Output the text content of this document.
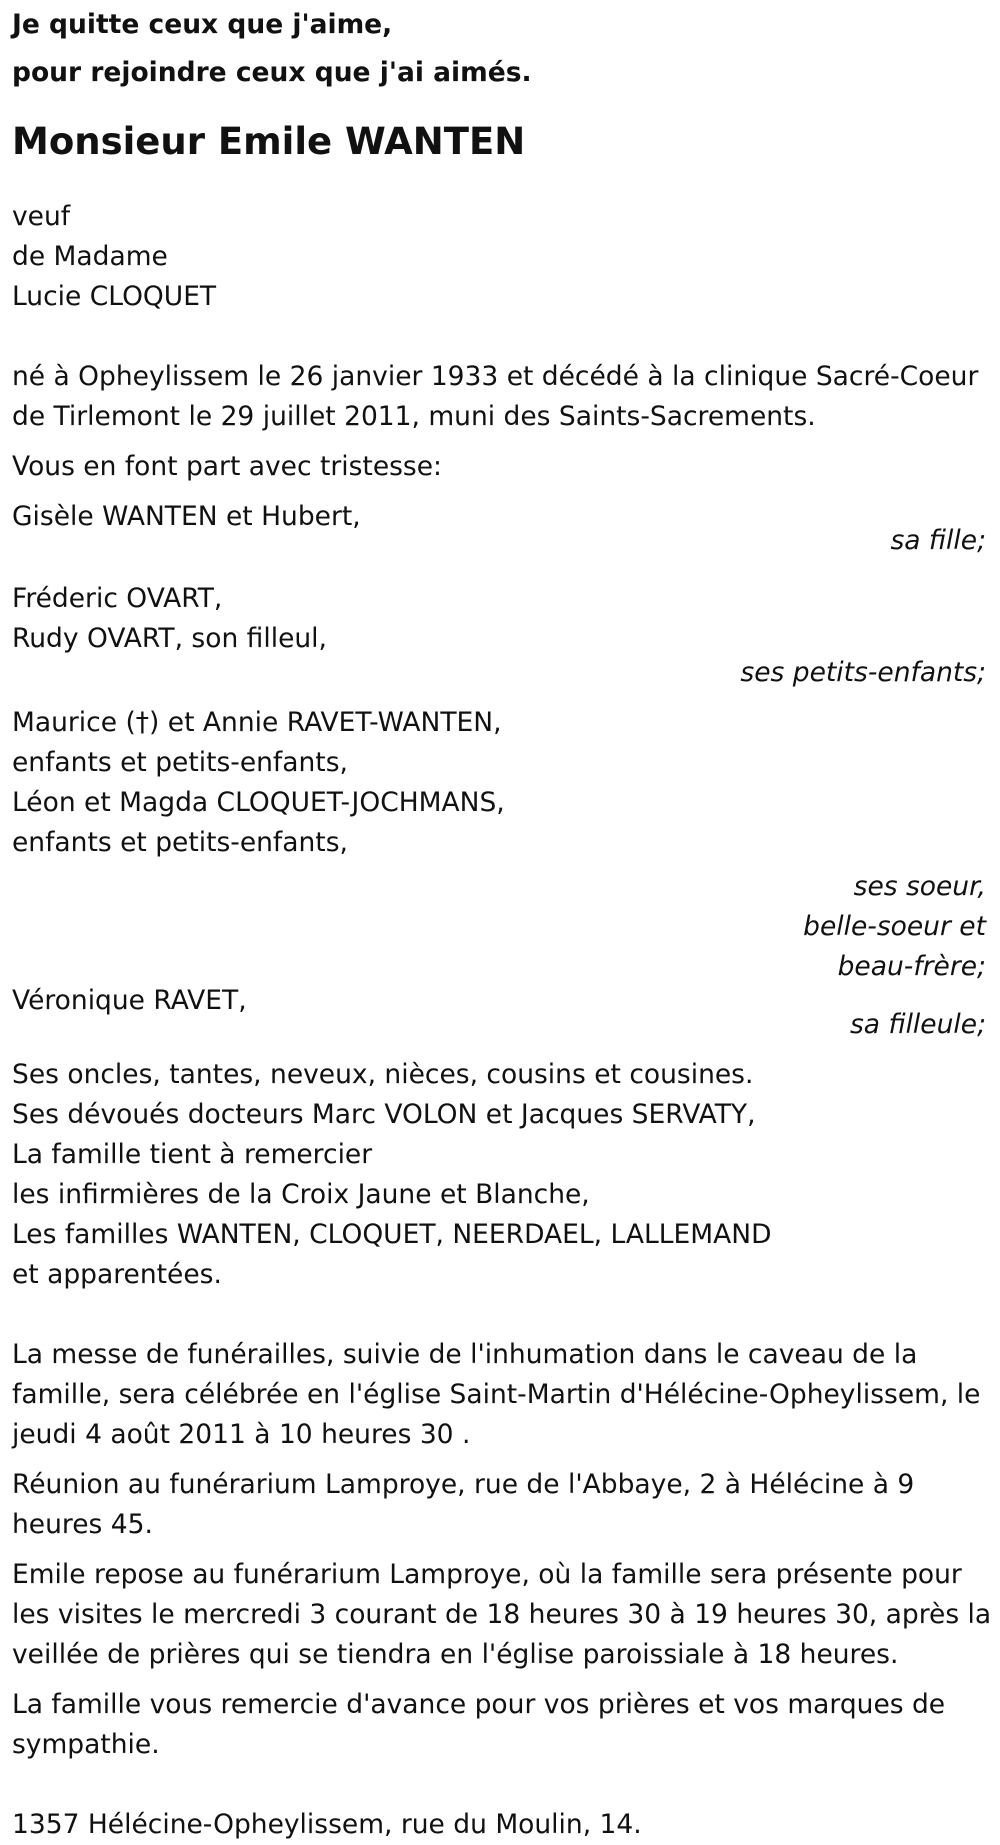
Je quitte ceux que j'aime,
pour rejoindre ceux que j'ai aimés.
Monsieur Emile WANTEN
veuf
de Madame
Lucie CLOQUET
né à Opheylissem le 26 janvier 1933 et décédé à la clinique Sacré-Coeur
de Tirlemont le 29 juillet 2011, muni des Saints-Sacrements.
Vous en font part avec tristesse:
Gisèle WANTEN et Hubert,
sa fille;
Fréderic OVART,
Rudy OVART, son filleul,
ses petits-enfants;
Maurice (†) et Annie RAVET-WANTEN,
enfants et petits-enfants,
Léon et Magda CLOQUET-JOCHMANS,
enfants et petits-enfants,
ses soeur,
belle-soeur et
beau-frère;
Véronique RAVET,
sa filleule;
Ses oncles, tantes, neveux, nièces, cousins et cousines.
Ses dévoués docteurs Marc VOLON et Jacques SERVATY,
La famille tient à remercier
les infirmières de la Croix Jaune et Blanche,
Les familles WANTEN, CLOQUET, NEERDAEL, LALLEMAND
et apparentées.
La messe de funérailles, suivie de l'inhumation dans le caveau de la
famille, sera célébrée en l'église Saint-Martin d'Hélécine-Opheylissem, le
jeudi 4 août 2011 à 10 heures 30 .
Réunion au funérarium Lamproye, rue de l'Abbaye, 2 à Hélécine à 9
heures 45.
Emile repose au funérarium Lamproye, où la famille sera présente pour
les visites le mercredi 3 courant de 18 heures 30 à 19 heures 30, après la
veillée de prières qui se tiendra en l'église paroissiale à 18 heures.
La famille vous remercie d'avance pour vos prières et vos marques de
sympathie.
1357 Hélécine-Opheylissem, rue du Moulin, 14.
